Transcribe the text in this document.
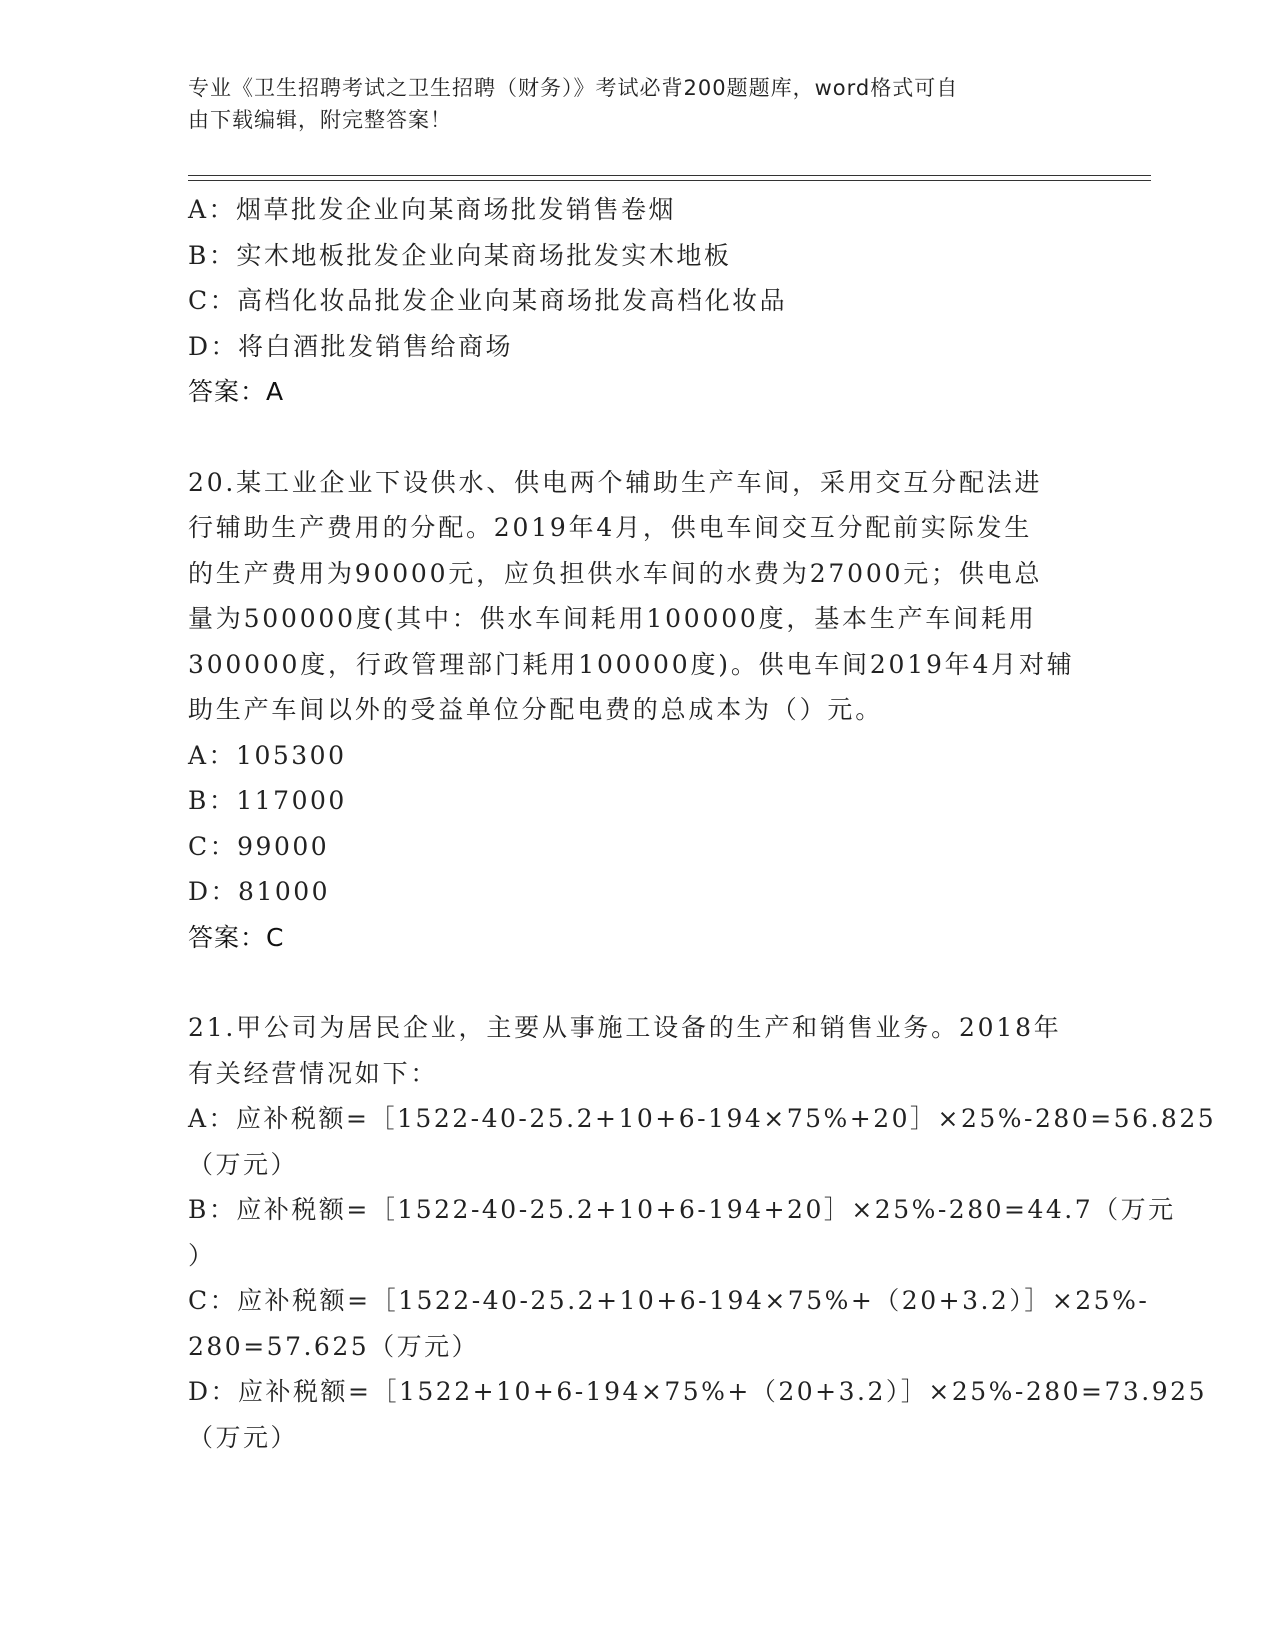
专业《卫生招聘考试之卫生招聘（财务）》考试必背200题题库，word格式可自
由下载编辑，附完整答案！
A：烟草批发企业向某商场批发销售卷烟
B：实木地板批发企业向某商场批发实木地板
C：高档化妆品批发企业向某商场批发高档化妆品
D：将白酒批发销售给商场
答案：A
20.某工业企业下设供水、供电两个辅助生产车间，采用交互分配法进
行辅助生产费用的分配。2019年4月，供电车间交互分配前实际发生
的生产费用为90000元，应负担供水车间的水费为27000元；供电总
量为500000度(其中：供水车间耗用100000度，基本生产车间耗用
300000度，行政管理部门耗用100000度)。供电车间2019年4月对辅
助生产车间以外的受益单位分配电费的总成本为（）元。
A：105300
B：117000
C：99000
D：81000
答案：C
21.甲公司为居民企业，主要从事施工设备的生产和销售业务。2018年
有关经营情况如下：
A：应补税额=［1522-40-25.2+10+6-194×75%+20］×25%-280=56.825
（万元）
B：应补税额=［1522-40-25.2+10+6-194+20］×25%-280=44.7（万元
）
C：应补税额=［1522-40-25.2+10+6-194×75%+（20+3.2）］×25%-
280=57.625（万元）
D：应补税额=［1522+10+6-194×75%+（20+3.2）］×25%-280=73.925
（万元）
